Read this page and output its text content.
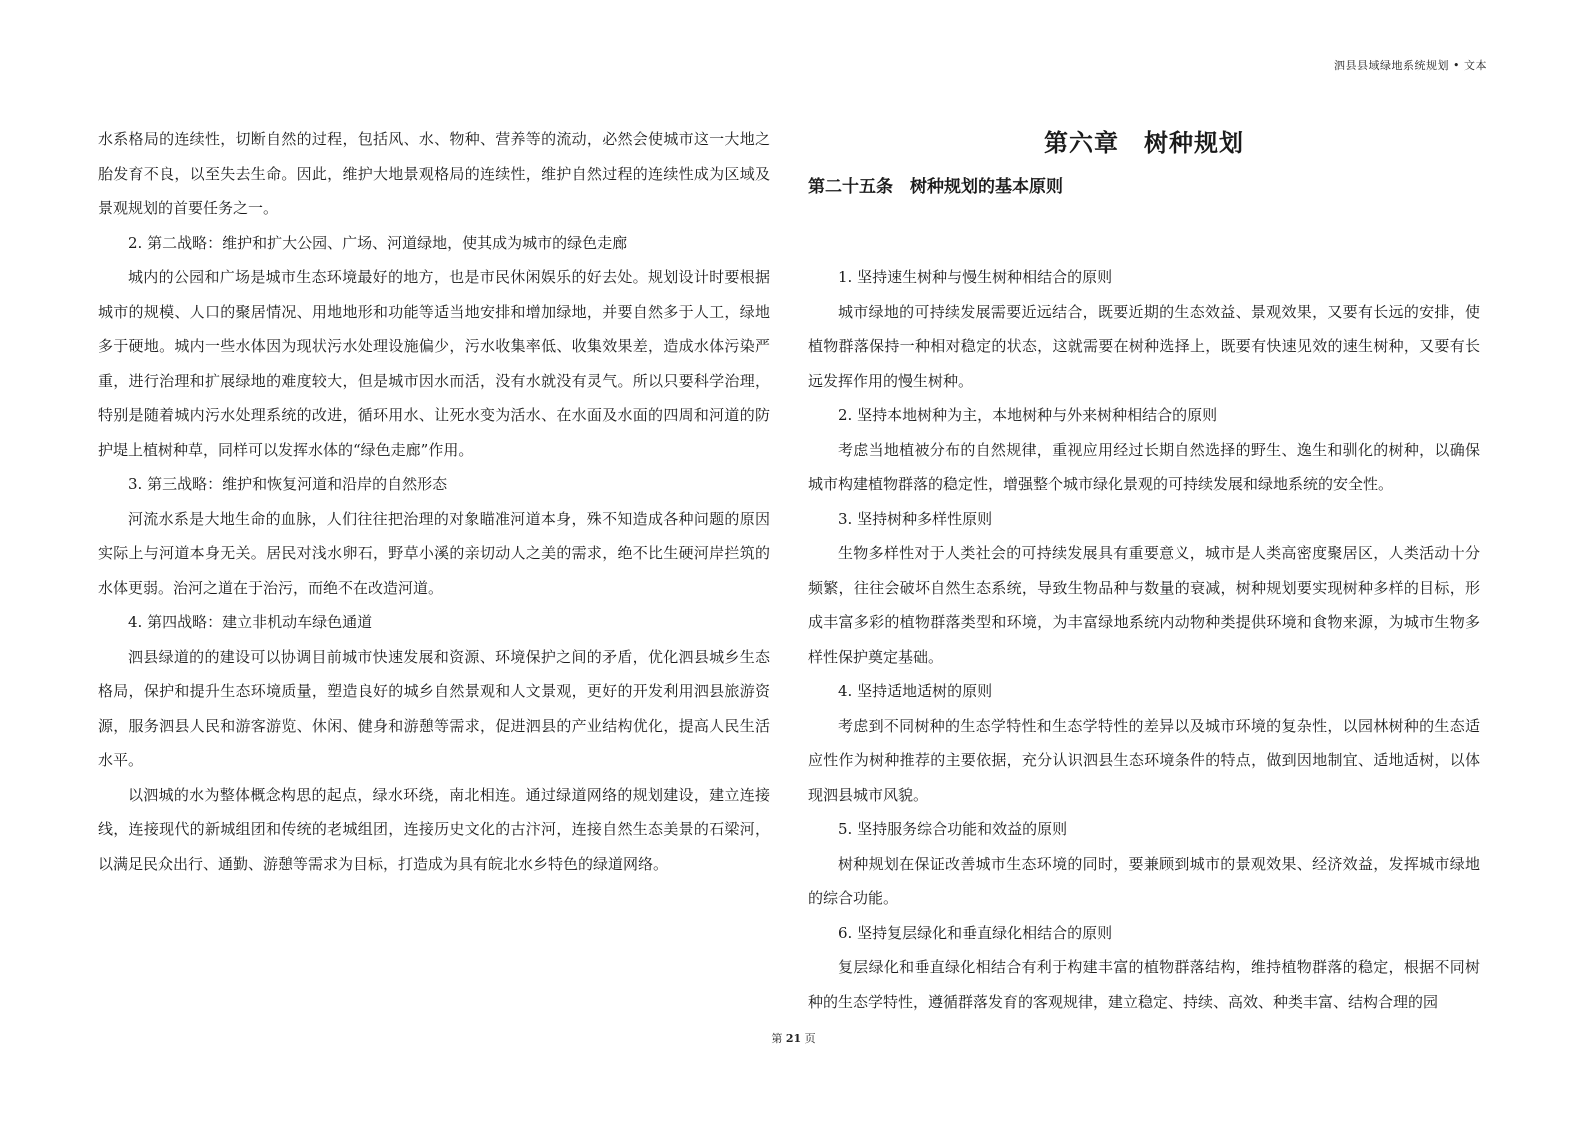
泗县县域绿地系统规划 • 文本

水系格局的连续性，切断自然的过程，包括风、水、物种、营养等的流动，必然会使城市这一大地之胎发育不良，以至失去生命。因此，维护大地景观格局的连续性，维护自然过程的连续性成为区域及景观规划的首要任务之一。

2. 第二战略：维护和扩大公园、广场、河道绿地，使其成为城市的绿色走廊

城内的公园和广场是城市生态环境最好的地方，也是市民休闲娱乐的好去处。规划设计时要根据城市的规模、人口的聚居情况、用地地形和功能等适当地安排和增加绿地，并要自然多于人工，绿地多于硬地。城内一些水体因为现状污水处理设施偏少，污水收集率低、收集效果差，造成水体污染严重，进行治理和扩展绿地的难度较大，但是城市因水而活，没有水就没有灵气。所以只要科学治理，特别是随着城内污水处理系统的改进，循环用水、让死水变为活水、在水面及水面的四周和河道的防护堤上植树种草，同样可以发挥水体的“绿色走廊”作用。

3. 第三战略：维护和恢复河道和沿岸的自然形态

河流水系是大地生命的血脉，人们往往把治理的对象瞄准河道本身，殊不知造成各种问题的原因实际上与河道本身无关。居民对浅水卵石，野草小溪的亲切动人之美的需求，绝不比生硬河岸拦筑的水体更弱。治河之道在于治污，而绝不在改造河道。

4. 第四战略：建立非机动车绿色通道

泗县绿道的的建设可以协调目前城市快速发展和资源、环境保护之间的矛盾，优化泗县城乡生态格局，保护和提升生态环境质量，塑造良好的城乡自然景观和人文景观，更好的开发利用泗县旅游资源，服务泗县人民和游客游览、休闲、健身和游憩等需求，促进泗县的产业结构优化，提高人民生活水平。

以泗城的水为整体概念构思的起点，绿水环绕，南北相连。通过绿道网络的规划建设，建立连接线，连接现代的新城组团和传统的老城组团，连接历史文化的古汴河，连接自然生态美景的石梁河，以满足民众出行、通勤、游憩等需求为目标，打造成为具有皖北水乡特色的绿道网络。

第六章　树种规划
第二十五条　树种规划的基本原则

1. 坚持速生树种与慢生树种相结合的原则

城市绿地的可持续发展需要近远结合，既要近期的生态效益、景观效果，又要有长远的安排，使植物群落保持一种相对稳定的状态，这就需要在树种选择上，既要有快速见效的速生树种，又要有长远发挥作用的慢生树种。

2. 坚持本地树种为主，本地树种与外来树种相结合的原则

考虑当地植被分布的自然规律，重视应用经过长期自然选择的野生、逸生和驯化的树种，以确保城市构建植物群落的稳定性，增强整个城市绿化景观的可持续发展和绿地系统的安全性。

3. 坚持树种多样性原则

生物多样性对于人类社会的可持续发展具有重要意义，城市是人类高密度聚居区，人类活动十分频繁，往往会破坏自然生态系统，导致生物品种与数量的衰减，树种规划要实现树种多样的目标，形成丰富多彩的植物群落类型和环境，为丰富绿地系统内动物种类提供环境和食物来源，为城市生物多样性保护奠定基础。

4. 坚持适地适树的原则

考虑到不同树种的生态学特性和生态学特性的差异以及城市环境的复杂性，以园林树种的生态适应性作为树种推荐的主要依据，充分认识泗县生态环境条件的特点，做到因地制宜、适地适树，以体现泗县城市风貌。

5. 坚持服务综合功能和效益的原则

树种规划在保证改善城市生态环境的同时，要兼顾到城市的景观效果、经济效益，发挥城市绿地的综合功能。

6. 坚持复层绿化和垂直绿化相结合的原则

复层绿化和垂直绿化相结合有利于构建丰富的植物群落结构，维持植物群落的稳定，根据不同树种的生态学特性，遵循群落发育的客观规律，建立稳定、持续、高效、种类丰富、结构合理的园

第 21 页
